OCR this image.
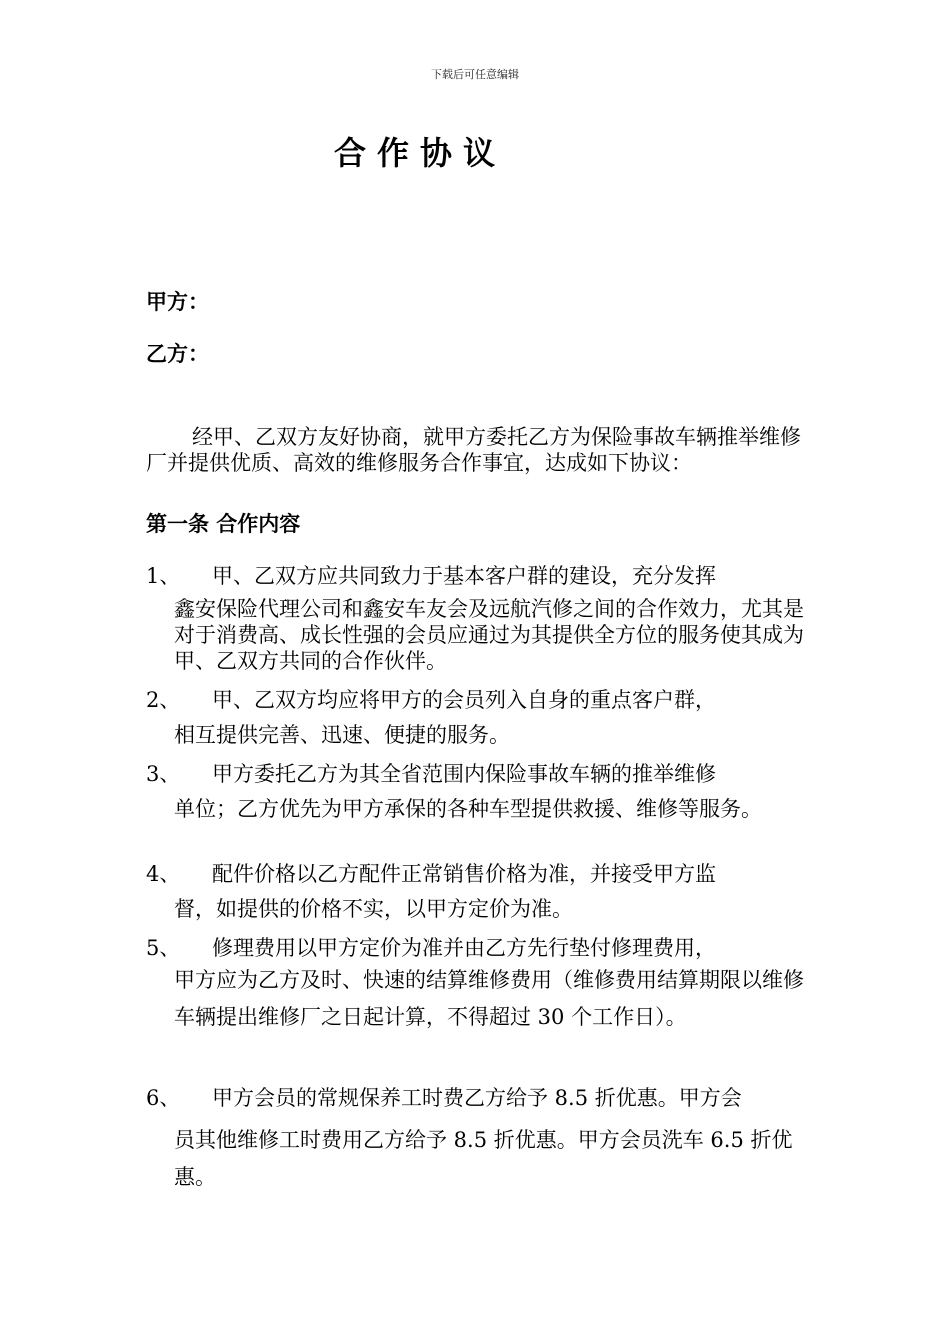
下载后可任意编辑
合作协议
甲方：
乙方：

经甲、乙双方友好协商，就甲方委托乙方为保险事故车辆推举维修厂并提供优质、高效的维修服务合作事宜，达成如下协议：

第一条 合作内容
1、 甲、乙双方应共同致力于基本客户群的建设，充分发挥

鑫安保险代理公司和鑫安车友会及远航汽修之间的合作效力，尤其是对于消费高、成长性强的会员应通过为其提供全方位的服务使其成为甲、乙双方共同的合作伙伴。

2、 甲、乙双方均应将甲方的会员列入自身的重点客户群，

相互提供完善、迅速、便捷的服务。

3、 甲方委托乙方为其全省范围内保险事故车辆的推举维修

单位；乙方优先为甲方承保的各种车型提供救援、维修等服务。

4、 配件价格以乙方配件正常销售价格为准，并接受甲方监

督，如提供的价格不实，以甲方定价为准。

5、 修理费用以甲方定价为准并由乙方先行垫付修理费用，

甲方应为乙方及时、快速的结算维修费用（维修费用结算期限以维修车辆提出维修厂之日起计算，不得超过 30 个工作日）。

6、 甲方会员的常规保养工时费乙方给予 8.5 折优惠。甲方会

员其他维修工时费用乙方给予 8.5 折优惠。甲方会员洗车 6.5 折优惠。
